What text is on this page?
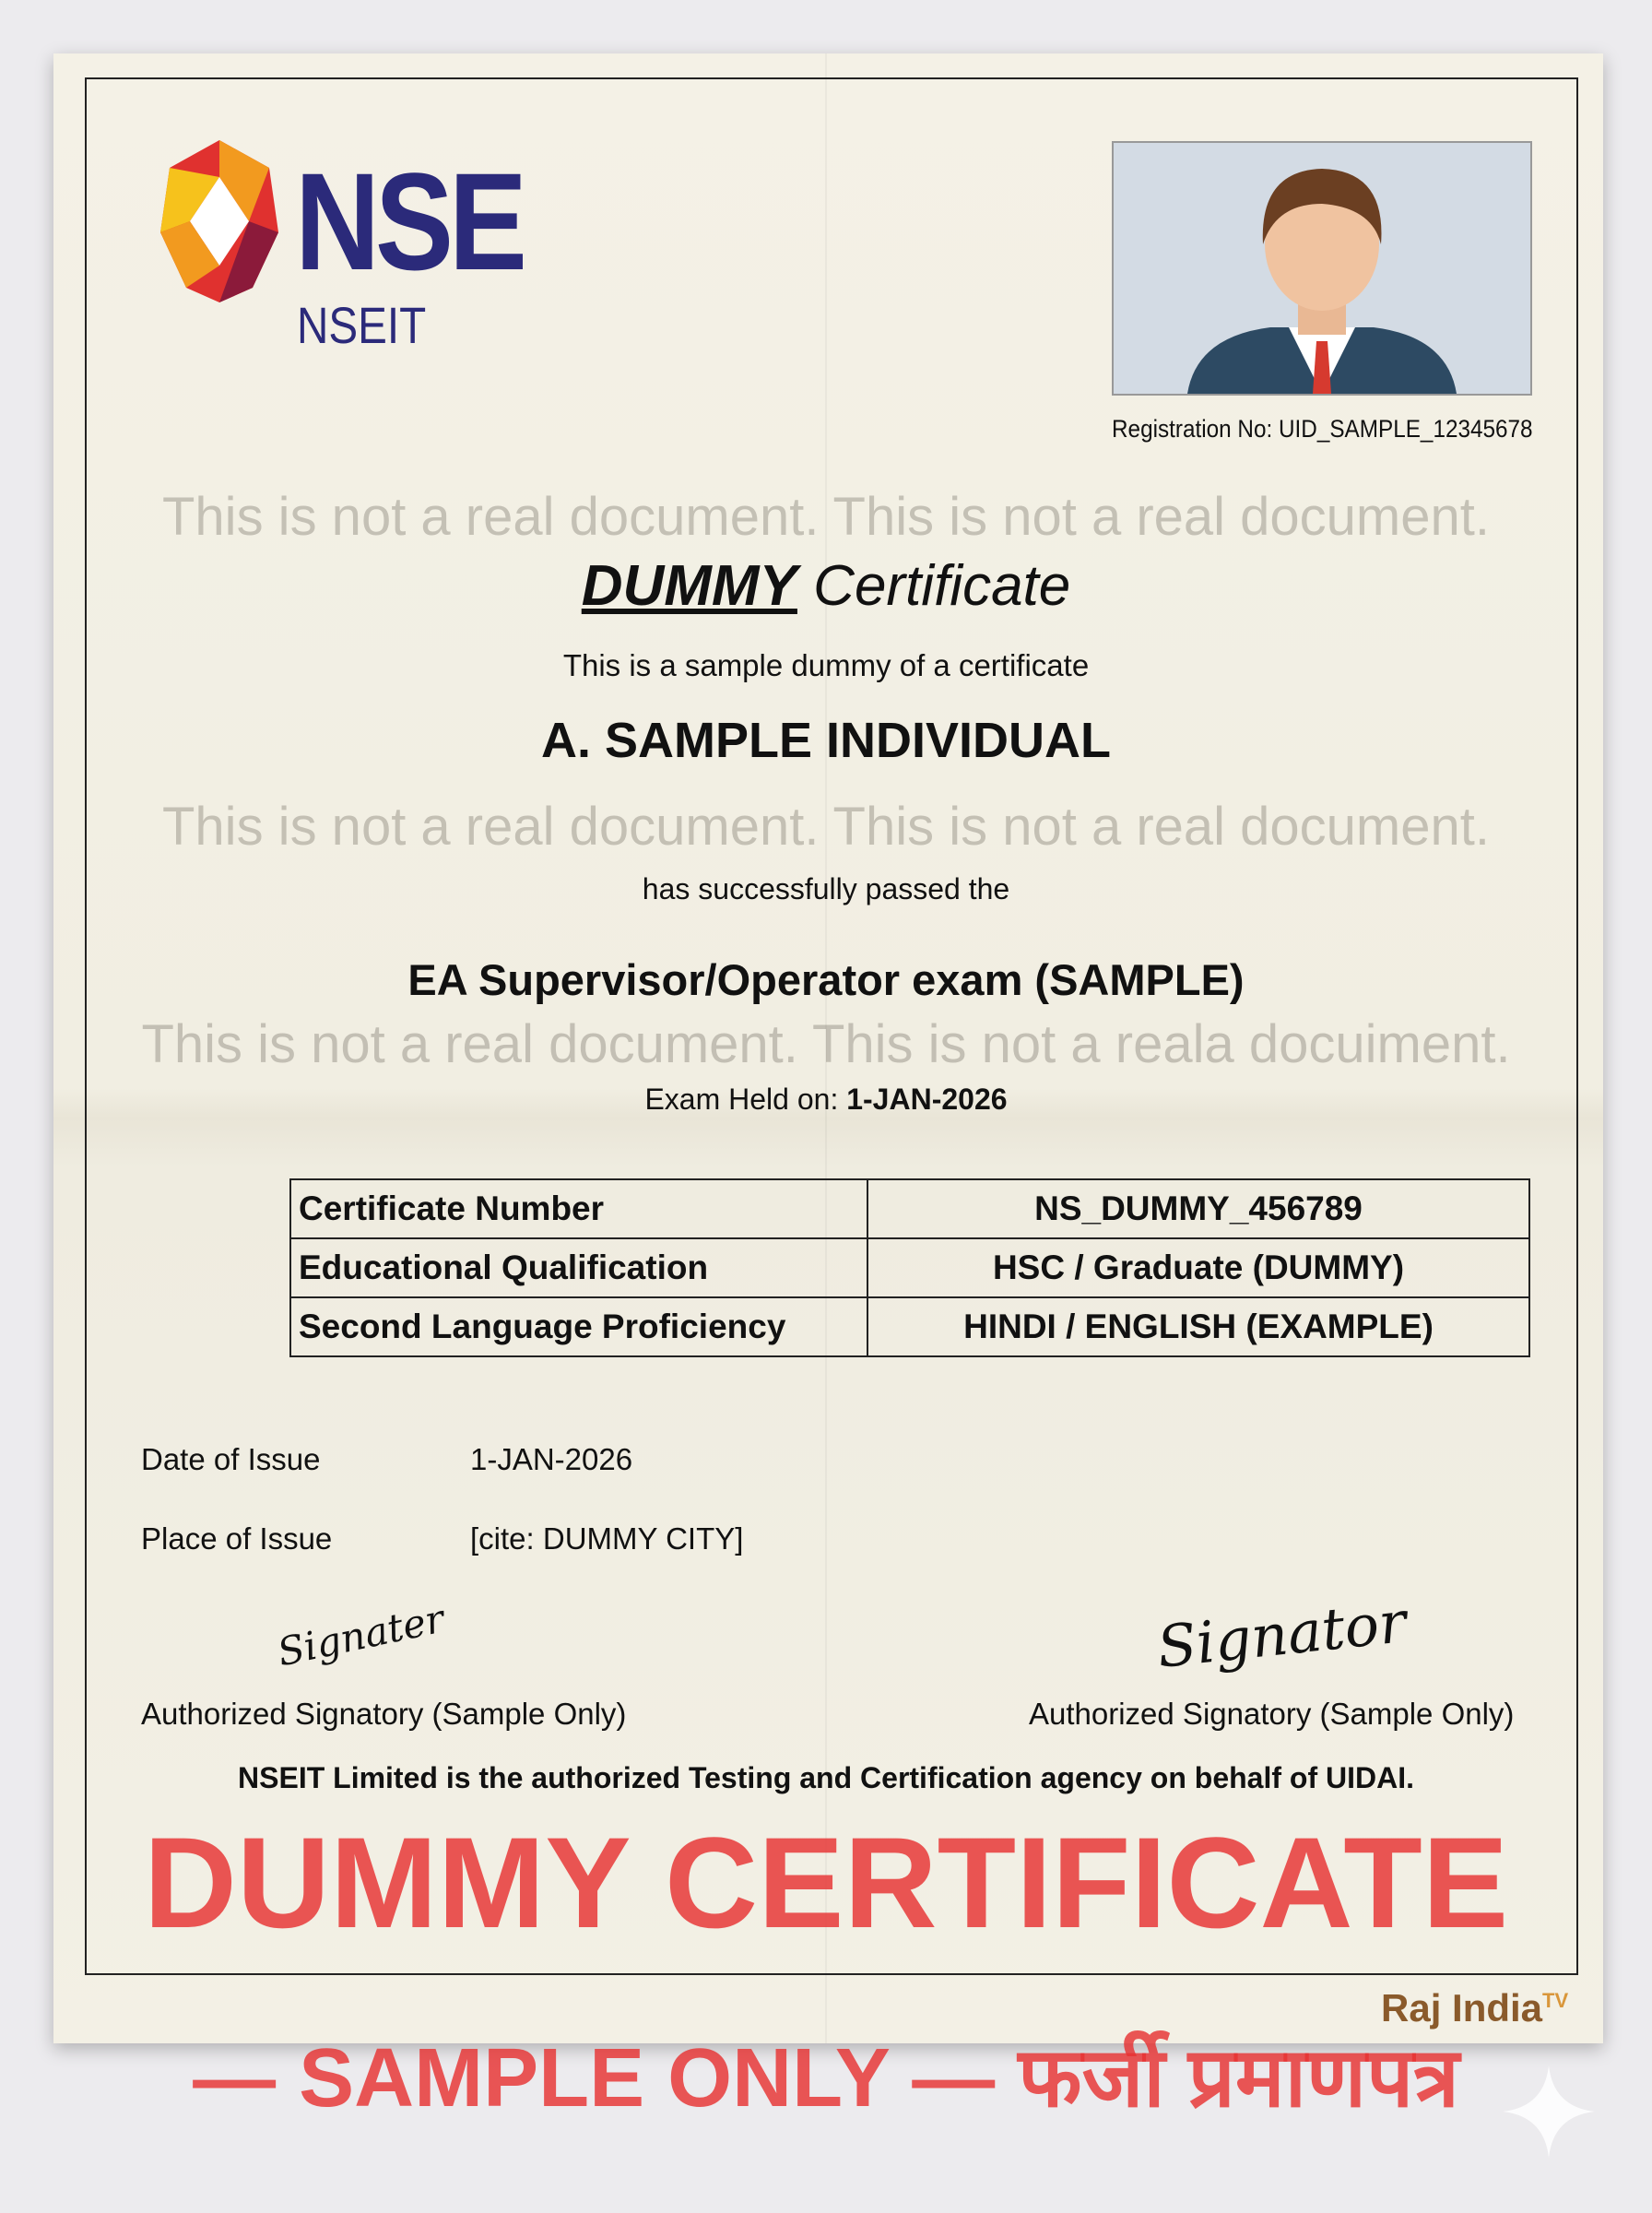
NSE
NSEIT
Registration No: UID_SAMPLE_12345678
This is not a real document. This is not a real document.
This is not a real document. This is not a real document.
This is not a real document. This is not a reala docuiment.
DUMMY Certificate
This is a sample dummy of a certificate
A. SAMPLE INDIVIDUAL
has successfully passed the
EA Supervisor/Operator exam (SAMPLE)
Exam Held on: 1-JAN-2026
Certificate Number	NS_DUMMY_456789
Educational Qualification	HSC / Graduate (DUMMY)
Second Language Proficiency	HINDI / ENGLISH (EXAMPLE)
Date of Issue	1-JAN-2026
Place of Issue	[cite: DUMMY CITY]
Signater	Signator
Authorized Signatory (Sample Only)	Authorized Signatory (Sample Only)
NSEIT Limited is the authorized Testing and Certification agency on behalf of UIDAI.
DUMMY CERTIFICATE
Raj India$^{TV}$
— SAMPLE ONLY — फर्जी प्रमाणपत्र
